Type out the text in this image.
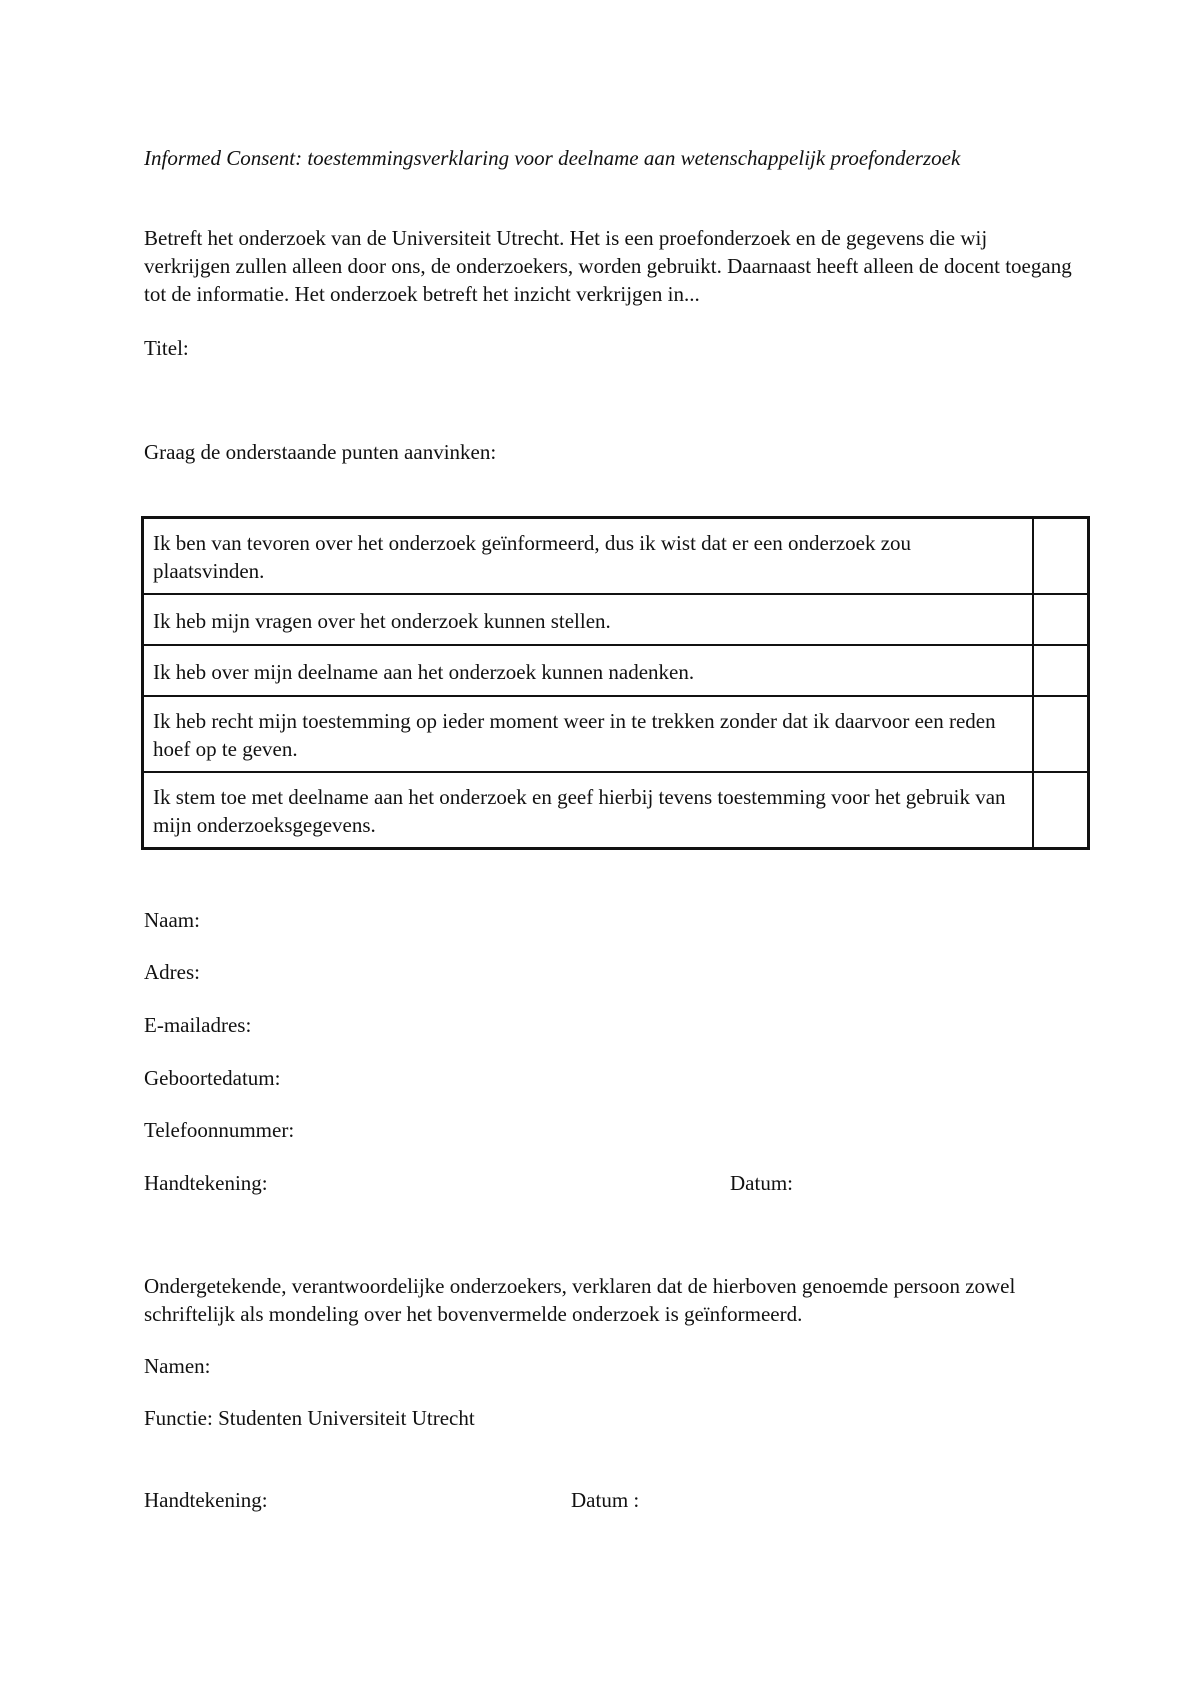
Informed Consent: toestemmingsverklaring voor deelname aan wetenschappelijk proefonderzoek

Betreft het onderzoek van de Universiteit Utrecht. Het is een proefonderzoek en de gegevens die wij verkrijgen zullen alleen door ons, de onderzoekers, worden gebruikt. Daarnaast heeft alleen de docent toegang tot de informatie. Het onderzoek betreft het inzicht verkrijgen in...

Titel:

Graag de onderstaande punten aanvinken:

Ik ben van tevoren over het onderzoek geïnformeerd, dus ik wist dat er een onderzoek zou plaatsvinden.	
Ik heb mijn vragen over het onderzoek kunnen stellen.	
Ik heb over mijn deelname aan het onderzoek kunnen nadenken.	
Ik heb recht mijn toestemming op ieder moment weer in te trekken zonder dat ik daarvoor een reden hoef op te geven.	
Ik stem toe met deelname aan het onderzoek en geef hierbij tevens toestemming voor het gebruik van mijn onderzoeksgegevens.	

Naam:

Adres:

E-mailadres:

Geboortedatum:

Telefoonnummer:

Handtekening:	Datum:

Ondergetekende, verantwoordelijke onderzoekers, verklaren dat de hierboven genoemde persoon zowel schriftelijk als mondeling over het bovenvermelde onderzoek is geïnformeerd.

Namen:

Functie: Studenten Universiteit Utrecht

Handtekening:	Datum :
